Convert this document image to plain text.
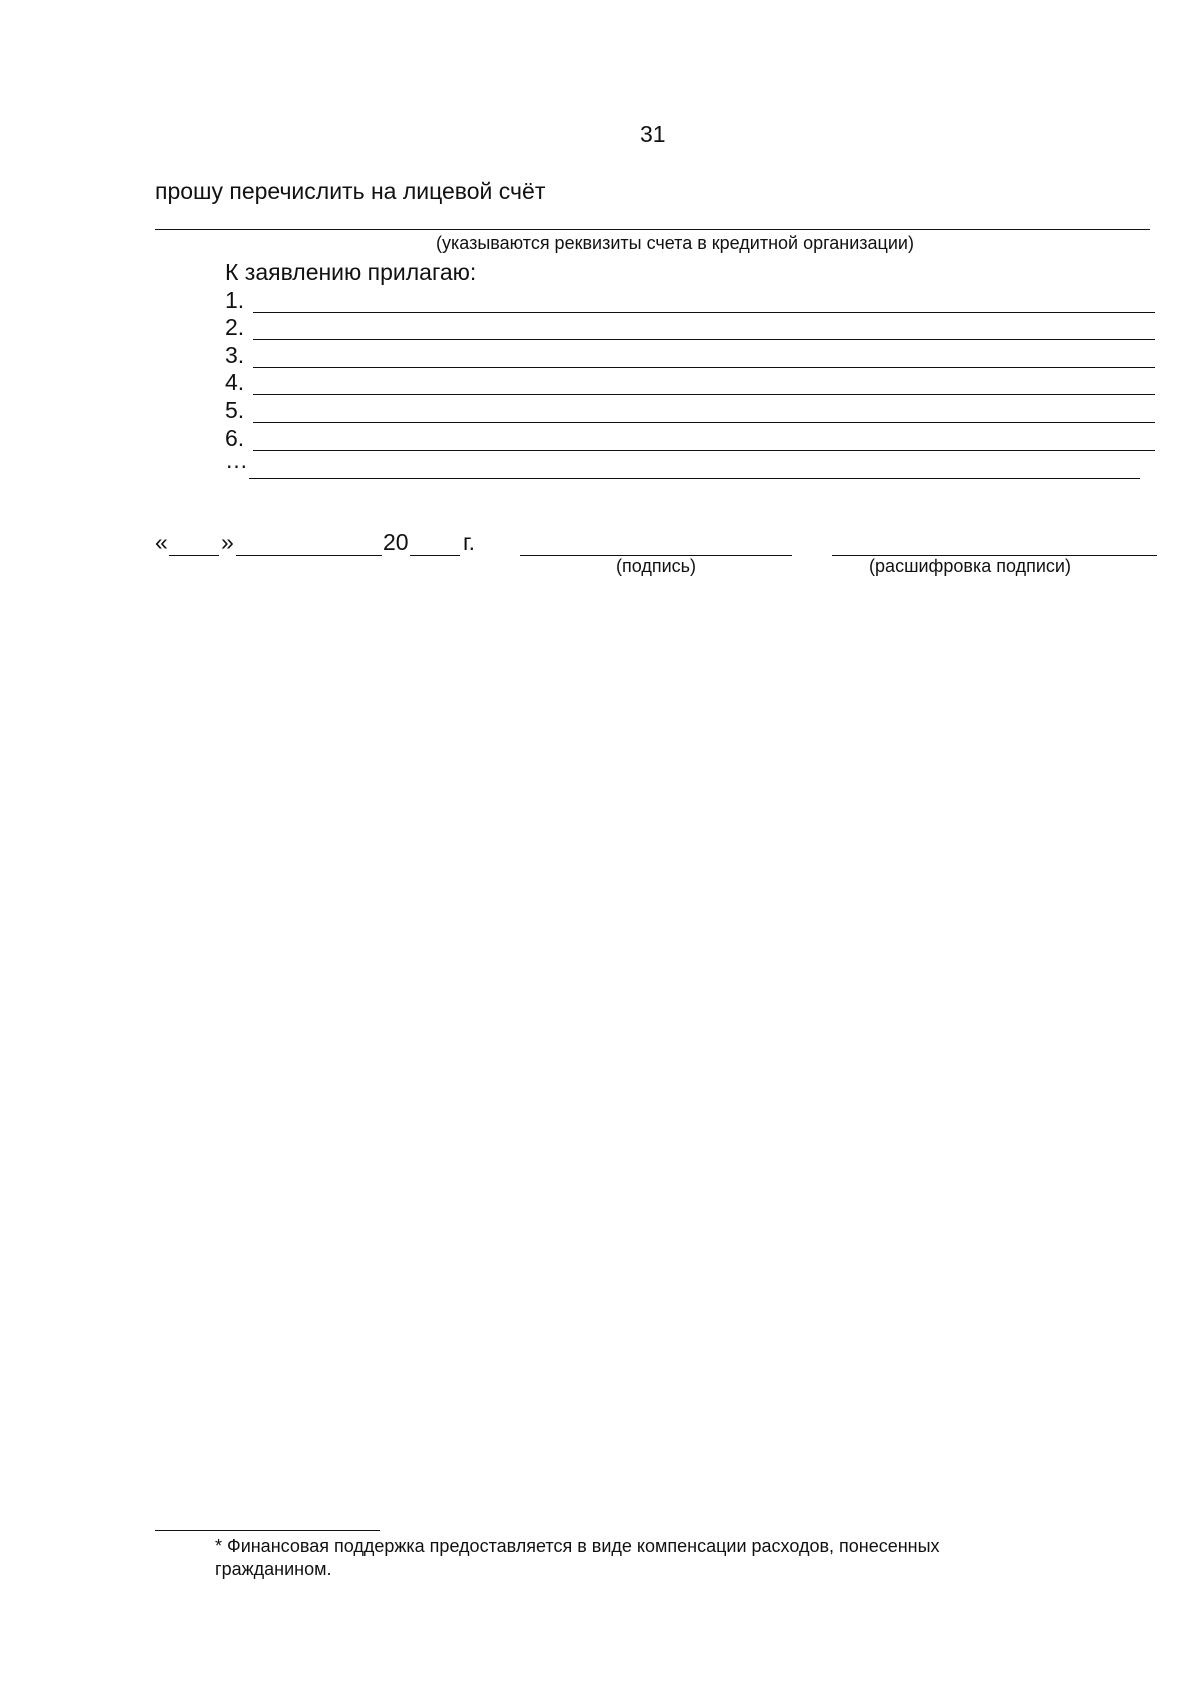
31
прошу перечислить на лицевой счёт
(указываются реквизиты счета в кредитной организации)
К заявлению прилагаю:
1.
2.
3.
4.
5.
6.
…
« »	20 г.
(подпись)	(расшифровка подписи)
* Финансовая поддержка предоставляется в виде компенсации расходов, понесенных гражданином.
